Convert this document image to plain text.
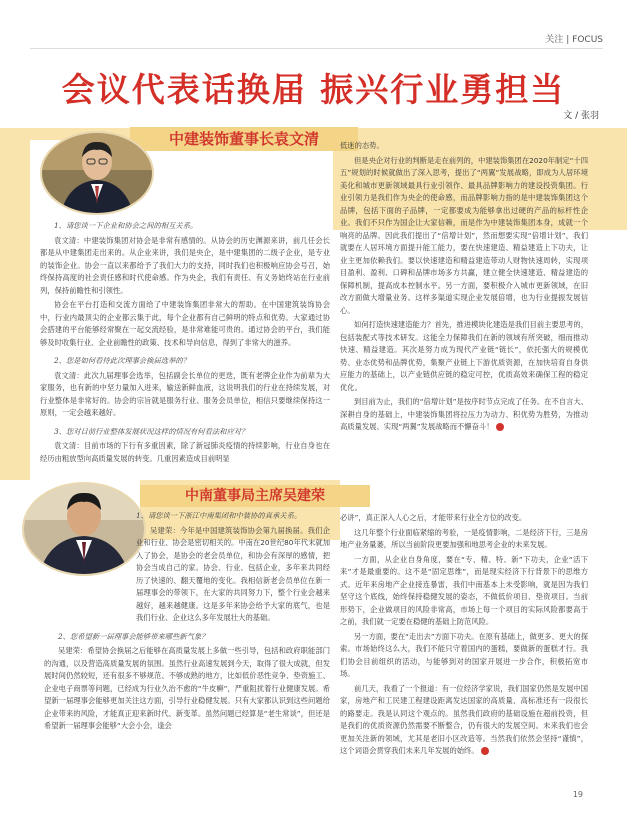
关注 | FOCUS
会议代表话换届 振兴行业勇担当
文 / 张羽
中建装饰董事长袁文清

1、请您谈一下企业和协会之间的相互关系。

袁文清：中建装饰集团对协会是非常有感情的。从协会的历史渊源来讲，前几任会长都是从中建集团走出来的。从企业来讲，我们是央企，是中建集团的二级子企业，是专业的装饰企业。协会一直以来都给予了我们大力的支持，同时我们也积极响应协会号召，始终保持高度的社会责任感和时代使命感。作为央企，我们有责任、有义务始终站在行业前列，保持前瞻性和引领性。

协会在平台打造和交流方面给了中建装饰集团非常大的帮助。在中国建筑装饰协会中，行业内最顶尖的企业都云集于此，每个企业都有自己鲜明的特点和优势。大家通过协会搭建的平台能够经常聚在一起交流经验，是非常难能可贵的。通过协会的平台，我们能够及时收集行业、企业前瞻性的政策、技术和导向信息，得到了非常大的滋养。

2、您是如何看待此次理事会换届选举的？

袁文清：此次九届理事会选举，包括副会长单位的更迭，既有老牌企业作为前辈为大家服务，也有新的中坚力量加入进来，输送新鲜血液，这说明我们的行业在持续发展，对行业整体是非常好的。协会的宗旨就是服务行业、服务会员单位，相信只要继续保持这一原则，一定会越来越好。

3、您对目前行业整体发展状况这样的情况有何看法和应对？

袁文清：目前市场的下行有多重因素，除了新冠肺炎疫情的持续影响，行业自身也在经历由粗放型向高质量发展的转变。几重因素造成目前明显

低迷的态势。

但是央企对行业的判断是走在前列的，中建装饰集团在2020年制定“十四五”规划的时候就做出了深入思考，提出了“两翼”发展战略，即成为人居环境美化和城市更新领域最具行业引领作、最具品牌影响力的建设投资集团。行业引领力是我们作为央企的使命感，而品牌影响力指的是中建装饰集团这个品牌，包括下面的子品牌，一定都要成为能够拿出过硬的产品的标杆性企业。我们不只作为国企让大家信赖，而是作为中建装饰集团本身，成就一个响亮的品牌。因此我们提出了“倍增计划”，然而想要实现“倍增计划”，我们就要在人居环境方面提升能工能力，要在快速建造、精益建造上下功夫，让业主更加依赖我们。要以快速建造和精益建造带动人财物快速周转，实现项目盈利、盈利、口碑和品牌市场多方共赢，建立健全快速建造、精益建造的保障机制，提高成本控制水平。另一方面，要积极介入城市更新领域，在旧改方面做大增量业务。这样多渠道实现企业发展倍增，也为行业提振发展信心。

如何打造快速建造能力？首先，推进模块化建造是我们目前主要思考的，包括装配式等技术研发。这能全力保障我们在新的领域有所突破，细而推动快速、精益建造。其次是努力成为现代产业链“链长”，依托强大的规模优势、业态优势和品牌优势，集聚产业链上下游优质资源，在加快培育自身供应能力的基础上，以产业链供应链的稳定可控，优质高效来确保工程的稳定优化。

到目前为止，我们的“倍增计划”是按序时节点完成了任务。在不自言大、深耕自身的基础上，中建装饰集团将拉压力为动力、积优势为胜势，为推动高质量发展、实现“两翼”发展战略而不懈奋斗！	■

中南董事局主席吴建荣

1、请您谈一下浙江中南集团和中装协的真承关系。

吴建荣：今年是中国建筑装饰协会第九届换届。我们企业和行业、协会是密切相关的。中南在20世纪80年代末就加入了协会，是协会的老会员单位，和协会有深厚的感情，把协会当成自己的家。协会、行业、包括企业，多年来共同经历了快速的、翻天覆地的变化。我相信新老会员单位在新一届理事会的带领下，在大家的共同努力下，整个行业会越来越好，越来越健康。这是多年来协会给予大家的底气，也是我们行业、企业这么多年发展壮大的基础。

2、您希望新一届理事会能够带来哪些新气象？

吴建荣：希望协会换届之后能够在高质量发展上多做一些引导，包括和政府职能部门的沟通，以及营造高质量发展的氛围。虽然行业高速发展到今天，取得了很大成就，但发展时间仍然较短，还有很多不够规范、不够成熟的地方，比如低价恶性竞争、垫资施工、企业电子商票等问题，已经成为行业久治不愈的“牛皮癣”，严重阻扰着行业健康发展。希望新一届理事会能够更加关注这方面，引导行业稳健发展。只有大家都认识到这些问题给企业带来的风险，才能真正迎来新时代、新变革。虽然问题已经算是“老生常谈”，但还是希望新一届理事会能够“大会小会，逢会

必讲”，真正深入人心之后，才能带来行业全方位的改变。

这几年整个行业面临紧缩的考验，一是疫情影响，二是经济下行，三是房地产业务量萎，所以当前阶段更要加强和地思考企业的未来发展。

一方面，从企业自身角度，要在“专、精、特、新”下功夫，企业“活下来”才是最重要的。这不是“固定思维”，而是现实经济下行背景下的思维方式。近年来房地产企业接连暴雷，我们中南基本上未受影响，就是因为我们坚守这个底线，始终保持稳健发展的姿态，不做低价项目、垫资项目。当前形势下，企业做项目的风险非常高，市场上每一个项目的实际风险都要高于之前，我们就一定要在稳健的基础上防范风险。

另一方面，要在“走出去”方面下功夫。在原有基础上，做更多、更大的探索。市场始终这么大，我们不能只守着国内的蛋糕，要做新的蛋糕才行。我们协会目前组织的活动，与能够到对的国家开展进一步合作，积极拓宽市场。

前几天，我看了一个报道：有一位经济学家说，我们国家仍然是发展中国家，房地产和工民建工程建设距离发达国家的高质量、高标准还有一段很长的路要走。我是认同这个观点的。虽然我们政府的基础设施在超前投资，但是我们的优质资源仍然需要不断整合，仍有很大的发展空间。未来我们也会更加关注新的领域，尤其是老旧小区改造等。当然我们依然会坚持“谨慎”，这个词语会贯穿我们未来几年发展的始终。	■

19
